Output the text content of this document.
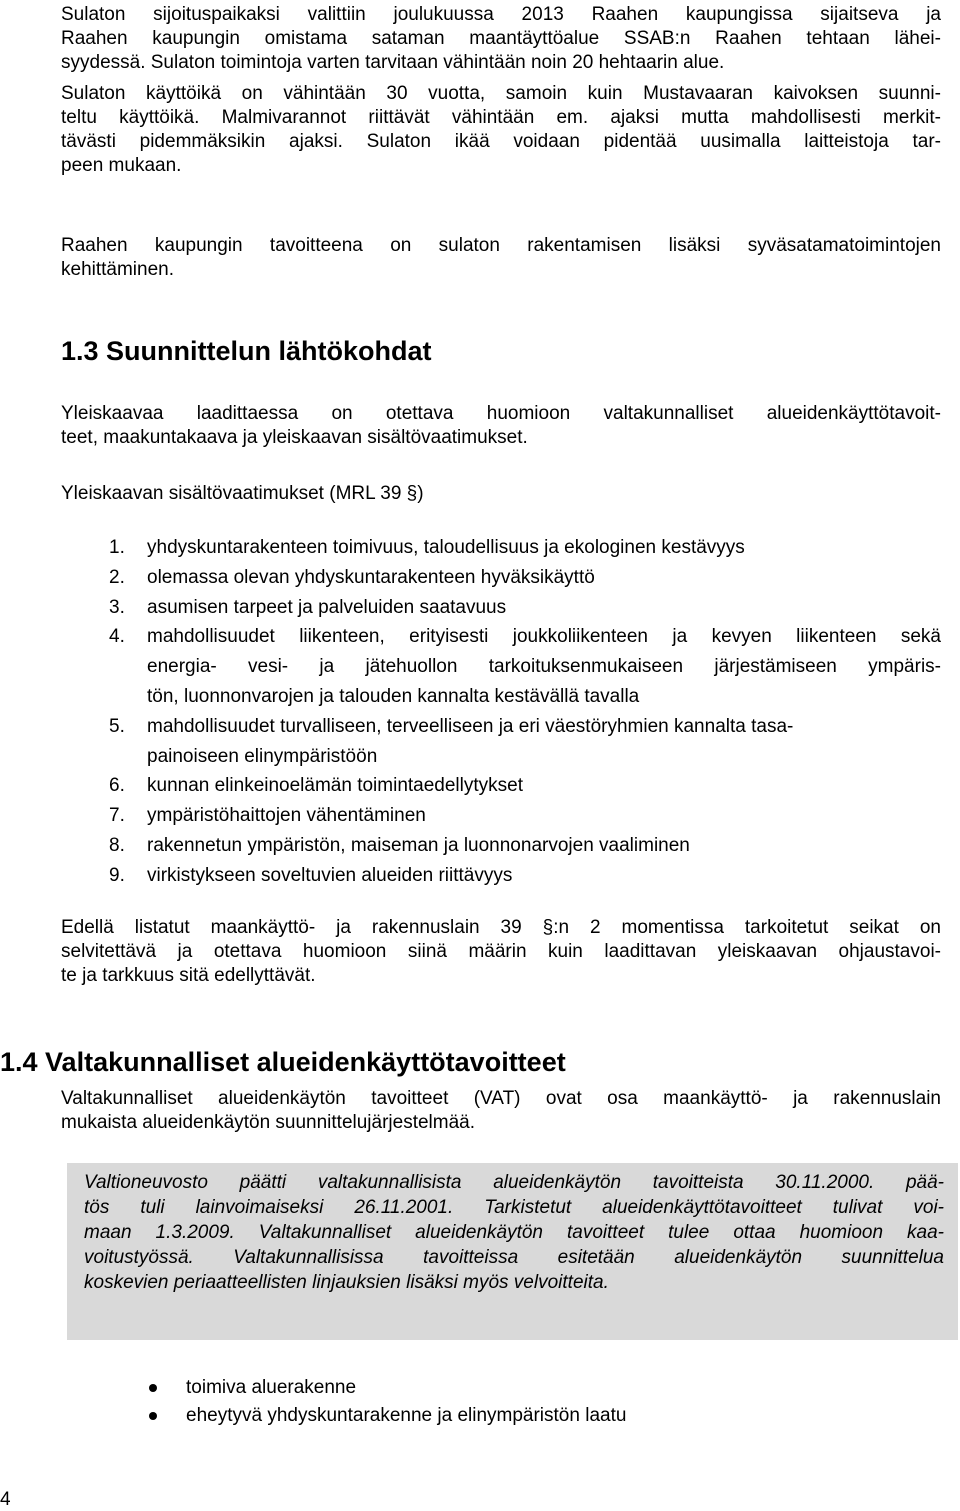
Sulaton sijoituspaikaksi valittiin joulukuussa 2013 Raahen kaupungissa sijaitseva ja
Raahen kaupungin omistama sataman maantäyttöalue SSAB:n Raahen tehtaan lähei-
syydessä. Sulaton toimintoja varten tarvitaan vähintään noin 20 hehtaarin alue.
Sulaton käyttöikä on vähintään 30 vuotta, samoin kuin Mustavaaran kaivoksen suunni-
teltu käyttöikä. Malmivarannot riittävät vähintään em. ajaksi mutta mahdollisesti merkit-
tävästi pidemmäksikin ajaksi. Sulaton ikää voidaan pidentää uusimalla laitteistoja tar-
peen mukaan.
Raahen kaupungin tavoitteena on sulaton rakentamisen lisäksi syväsatamatoimintojen
kehittäminen.
1.3 Suunnittelun lähtökohdat
Yleiskaavaa laadittaessa on otettava huomioon valtakunnalliset alueidenkäyttötavoit-
teet, maakuntakaava ja yleiskaavan sisältövaatimukset.
Yleiskaavan sisältövaatimukset (MRL 39 §)
1. yhdyskuntarakenteen toimivuus, taloudellisuus ja ekologinen kestävyys
2. olemassa olevan yhdyskuntarakenteen hyväksikäyttö
3. asumisen tarpeet ja palveluiden saatavuus
4. mahdollisuudet liikenteen, erityisesti joukkoliikenteen ja kevyen liikenteen sekä
energia- vesi- ja jätehuollon tarkoituksenmukaiseen järjestämiseen ympäris-
tön, luonnonvarojen ja talouden kannalta kestävällä tavalla
5. mahdollisuudet turvalliseen, terveelliseen ja eri väestöryhmien kannalta tasa-
painoiseen elinympäristöön
6. kunnan elinkeinoelämän toimintaedellytykset
7. ympäristöhaittojen vähentäminen
8. rakennetun ympäristön, maiseman ja luonnonarvojen vaaliminen
9. virkistykseen soveltuvien alueiden riittävyys
Edellä listatut maankäyttö- ja rakennuslain 39 §:n 2 momentissa tarkoitetut seikat on
selvitettävä ja otettava huomioon siinä määrin kuin laadittavan yleiskaavan ohjaustavoi-
te ja tarkkuus sitä edellyttävät.
1.4 Valtakunnalliset alueidenkäyttötavoitteet
Valtakunnalliset alueidenkäytön tavoitteet (VAT) ovat osa maankäyttö- ja rakennuslain
mukaista alueidenkäytön suunnittelujärjestelmää.
Valtioneuvosto päätti valtakunnallisista alueidenkäytön tavoitteista 30.11.2000. pää-
tös tuli lainvoimaiseksi 26.11.2001. Tarkistetut alueidenkäyttötavoitteet tulivat voi-
maan 1.3.2009. Valtakunnalliset alueidenkäytön tavoitteet tulee ottaa huomioon kaa-
voitustyössä. Valtakunnallisissa tavoitteissa esitetään alueidenkäytön suunnittelua
koskevien periaatteellisten linjauksien lisäksi myös velvoitteita.
toimiva aluerakenne
eheytyvä yhdyskuntarakenne ja elinympäristön laatu
4
